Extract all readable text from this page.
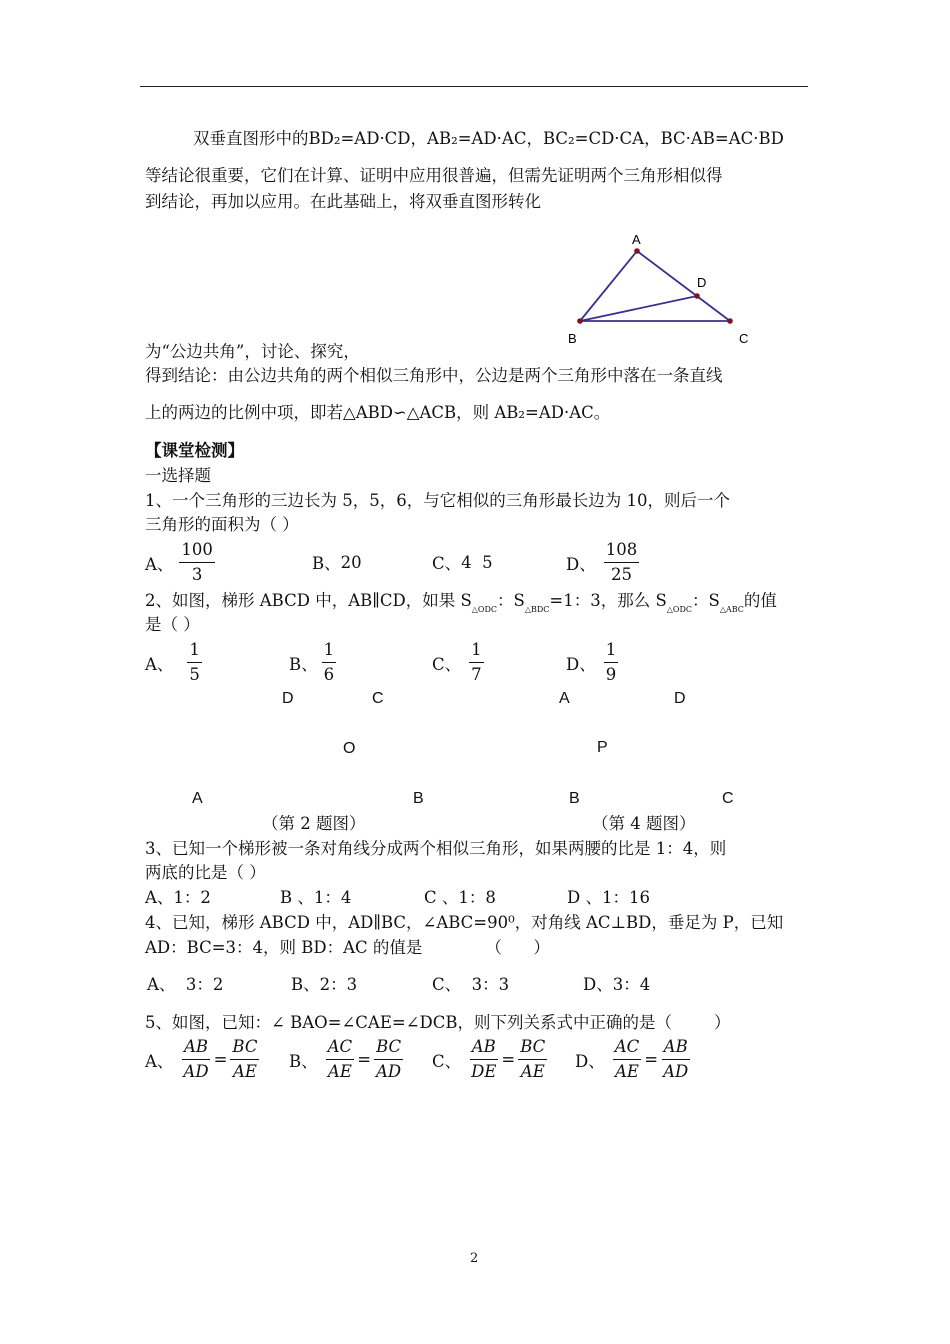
双垂直图形中的BD₂=AD·CD，AB₂=AD·AC，BC₂=CD·CA，BC·AB=AC·BD
等结论很重要，它们在计算、证明中应用很普遍，但需先证明两个三角形相似得
到结论，再加以应用。在此基础上，将双垂直图形转化
A
D
B	C
为“公边共角”，讨论、探究，
得到结论：由公边共角的两个相似三角形中，公边是两个三角形中落在一条直线
上的两边的比例中项，即若△ABD∽△ACB，则 AB₂=AD·AC。
【课堂检测】
一选择题
1、一个三角形的三边长为 5，5，6，与它相似的三角形最长边为 10，则后一个
三角形的面积为（ ）
A、 $\frac{100}{3}$	B、 20	C、 4  5	D、 $\frac{108}{25}$
2、如图，梯形 ABCD 中，AB∥CD，如果 $S_{\triangle ODC}$：$S_{\triangle BDC}=1$：3，那么 $S_{\triangle ODC}$：$S_{\triangle ABC}$的值
是（ ）
A、 $\frac{1}{5}$	B、 $\frac{1}{6}$	C、 $\frac{1}{7}$	D、 $\frac{1}{9}$
D	C	A	D
O	P
A	B	B	C
（第 2 题图）	（第 4 题图）
3、已知一个梯形被一条对角线分成两个相似三角形，如果两腰的比是 1：4，则
两底的比是（ ）
A、1：2	B 、1：4	C 、1：8	D 、1：16
4、已知，梯形 ABCD 中，AD∥BC，∠ABC=90⁰，对角线 AC⊥BD，垂足为 P，已知
AD：BC=3：4，则 BD：AC 的值是            （      ）
A、  3：2	B、2：3	C、  3：3	D、3：4
5、如图，已知：∠ BAO=∠CAE=∠DCB，则下列关系式中正确的是（        ）
A、 $\frac{AB}{AD} = \frac{BC}{AE}$ B、 $\frac{AC}{AE} = \frac{BC}{AD}$ C、 $\frac{AB}{DE} = \frac{BC}{AE}$ D、 $\frac{AC}{AE} = \frac{AB}{AD}$
2
